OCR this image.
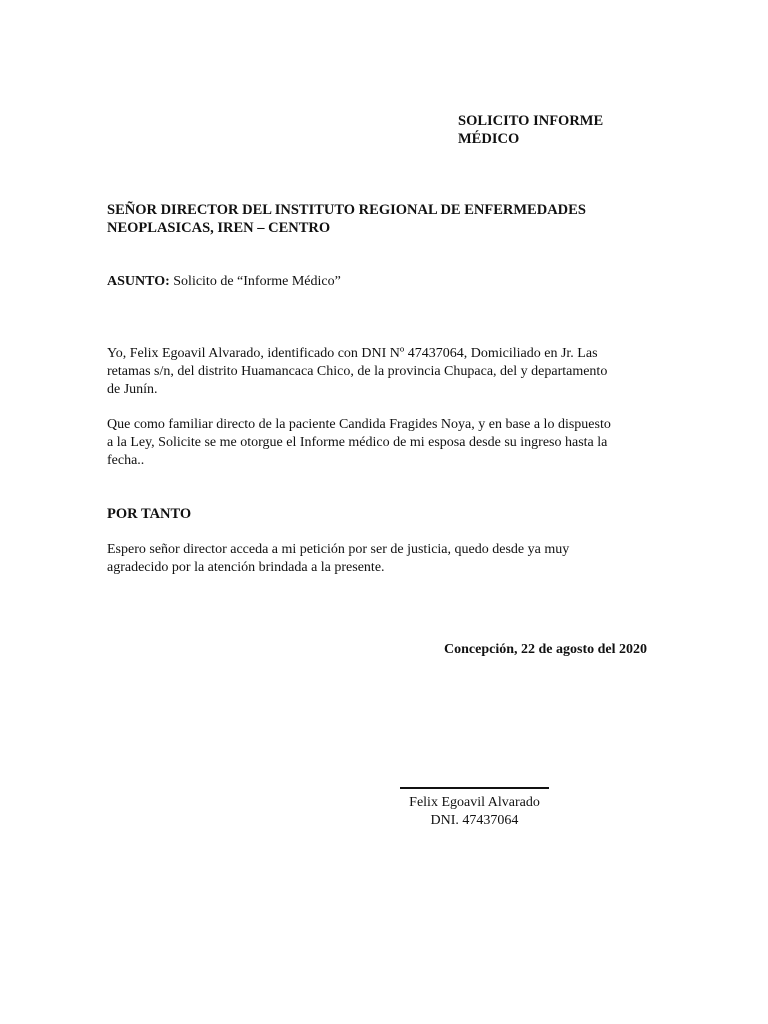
SOLICITO INFORME
MÉDICO
SEÑOR DIRECTOR DEL INSTITUTO REGIONAL DE ENFERMEDADES
NEOPLASICAS, IREN – CENTRO
ASUNTO: Solicito de “Informe Médico”
Yo, Felix Egoavil Alvarado, identificado con DNI Nº 47437064, Domiciliado en Jr. Las
retamas s/n, del distrito Huamancaca Chico, de la provincia Chupaca, del y departamento
de Junín.
Que como familiar directo de la paciente Candida Fragides Noya, y en base a lo dispuesto
a la Ley, Solicite se me otorgue el Informe médico de mi esposa desde su ingreso hasta la
fecha..
POR TANTO
Espero señor director acceda a mi petición por ser de justicia, quedo desde ya muy
agradecido por la atención brindada a la presente.
Concepción, 22 de agosto del 2020
Felix Egoavil Alvarado
DNI. 47437064
